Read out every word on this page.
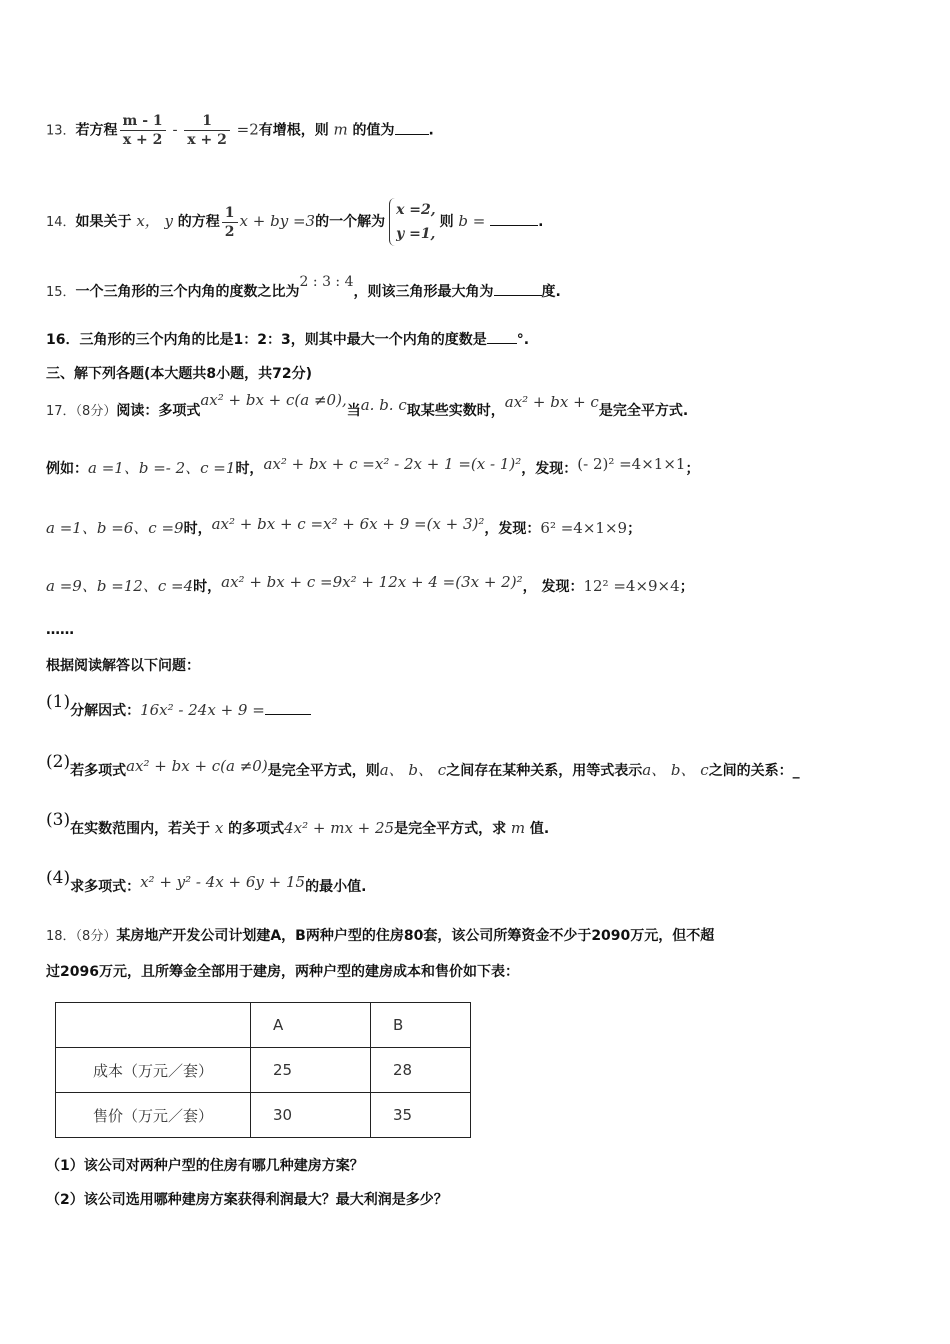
13．若方程 $\frac{m - 1}{x + 2} - \frac{1}{x + 2} =2$有增根，则 m 的值为 .
14．如果关于 x， y 的方程 $\frac{1}{2}$ x + by =3的一个解为
x =2,
y =1,
则 b =	.
15．一个三角形的三个内角的度数之比为2 : 3 : 4，则该三角形最大角为	度.
16．三角形的三个内角的比是1：2：3，则其中最大一个内角的度数是 °.
三、解下列各题(本大题共8小题，共72分)
17．（8分）阅读：多项式ax² + bx + c(a ≠0),当a. b. c取某些实数时，ax² + bx + c是完全平方式.
例如：a =1、b =- 2、c =1时，ax² + bx + c =x² - 2x + 1 =(x - 1)²，发现：(- 2)² =4×1×1；
a =1、b =6、c =9时，ax² + bx + c =x² + 6x + 9 =(x + 3)²，发现：6² =4×1×9；
a =9、b =12、c =4时，ax² + bx + c =9x² + 12x + 4 =(3x + 2)²， 发现：12² =4×9×4；
……
根据阅读解答以下问题：
(1)分解因式：16x² - 24x + 9 =
(2)若多项式ax² + bx + c(a ≠0)是完全平方式，则a、 b、 c之间存在某种关系，用等式表示a、 b、 c之间的关系：_
(3)在实数范围内，若关于 x 的多项式4x² + mx + 25是完全平方式，求 m 值.
(4)求多项式：x² + y² - 4x + 6y + 15的最小值.
18．（8分）某房地产开发公司计划建A，B两种户型的住房80套，该公司所筹资金不少于2090万元，但不超
过2096万元，且所筹金全部用于建房，两种户型的建房成本和售价如下表：
	A	B
成本（万元／套）	25	28
售价（万元／套）	30	35
（1）该公司对两种户型的住房有哪几种建房方案？
（2）该公司选用哪种建房方案获得利润最大？最大利润是多少？
